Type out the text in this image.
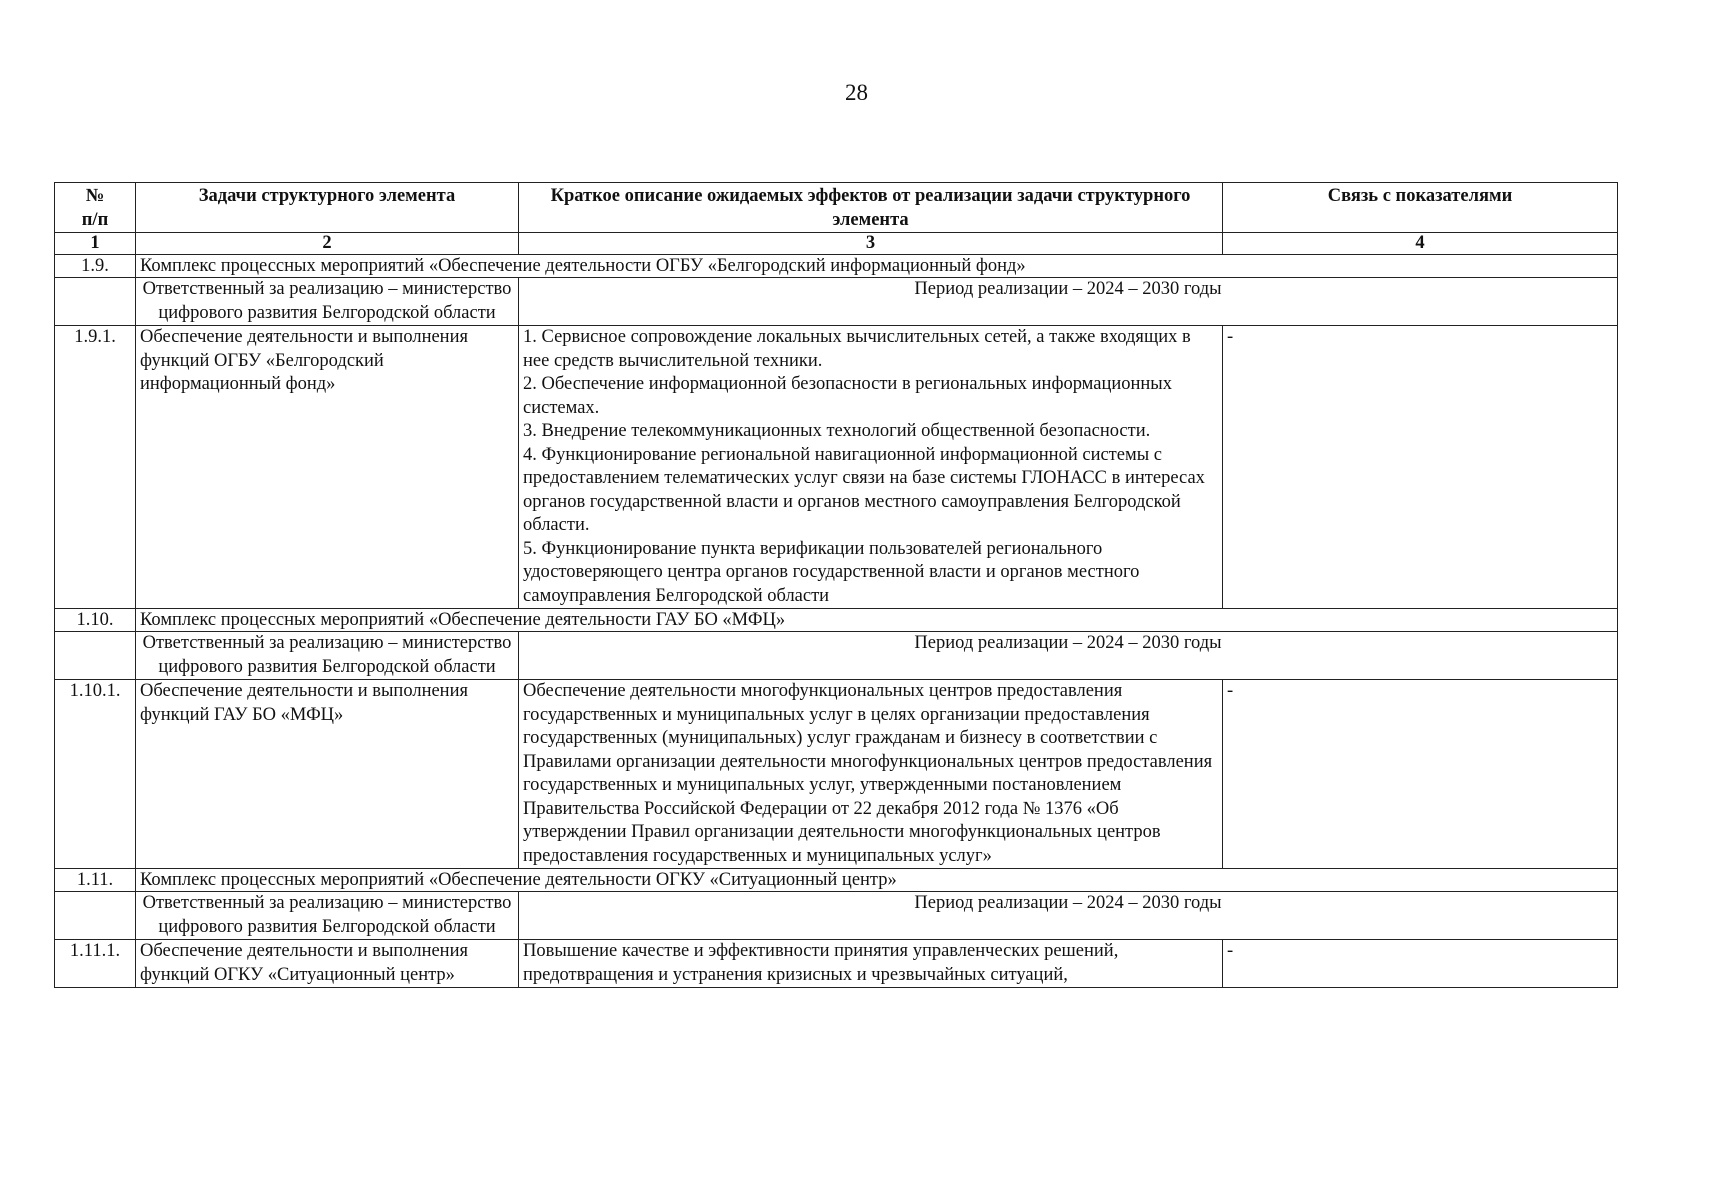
28
№
п/п	Задачи структурного элемента	Краткое описание ожидаемых эффектов от реализации задачи структурного элемента	Связь с показателями
1	2	3	4
1.9.	Комплекс процессных мероприятий «Обеспечение деятельности ОГБУ «Белгородский информационный фонд»		
	Ответственный за реализацию – министерство цифрового развития Белгородской области	Период реализации – 2024 – 2030 годы	
1.9.1.	Обеспечение деятельности и выполнения функций ОГБУ «Белгородский информационный фонд»	1. Сервисное сопровождение локальных вычислительных сетей, а также входящих в нее средств вычислительной техники.
2. Обеспечение информационной безопасности в региональных информационных системах.
3. Внедрение телекоммуникационных технологий общественной безопасности.
4. Функционирование региональной навигационной информационной системы с предоставлением телематических услуг связи на базе системы ГЛОНАСС в интересах органов государственной власти и органов местного самоуправления Белгородской области.
5. Функционирование пункта верификации пользователей регионального удостоверяющего центра органов государственной власти и органов местного самоуправления Белгородской области	-
1.10.	Комплекс процессных мероприятий «Обеспечение деятельности ГАУ БО «МФЦ»		
	Ответственный за реализацию – министерство цифрового развития Белгородской области	Период реализации – 2024 – 2030 годы	
1.10.1.	Обеспечение деятельности и выполнения функций ГАУ БО «МФЦ»	Обеспечение деятельности многофункциональных центров предоставления государственных и муниципальных услуг в целях организации предоставления государственных (муниципальных) услуг гражданам и бизнесу в соответствии с Правилами организации деятельности многофункциональных центров предоставления государственных и муниципальных услуг, утвержденными постановлением Правительства Российской Федерации от 22 декабря 2012 года № 1376 «Об утверждении Правил организации деятельности многофункциональных центров предоставления государственных и муниципальных услуг»	-
1.11.	Комплекс процессных мероприятий «Обеспечение деятельности ОГКУ «Ситуационный центр»		
	Ответственный за реализацию – министерство цифрового развития Белгородской области	Период реализации – 2024 – 2030 годы	
1.11.1.	Обеспечение деятельности и выполнения функций ОГКУ «Ситуационный центр»	Повышение качестве и эффективности принятия управленческих решений, предотвращения и устранения кризисных и чрезвычайных ситуаций,	-
